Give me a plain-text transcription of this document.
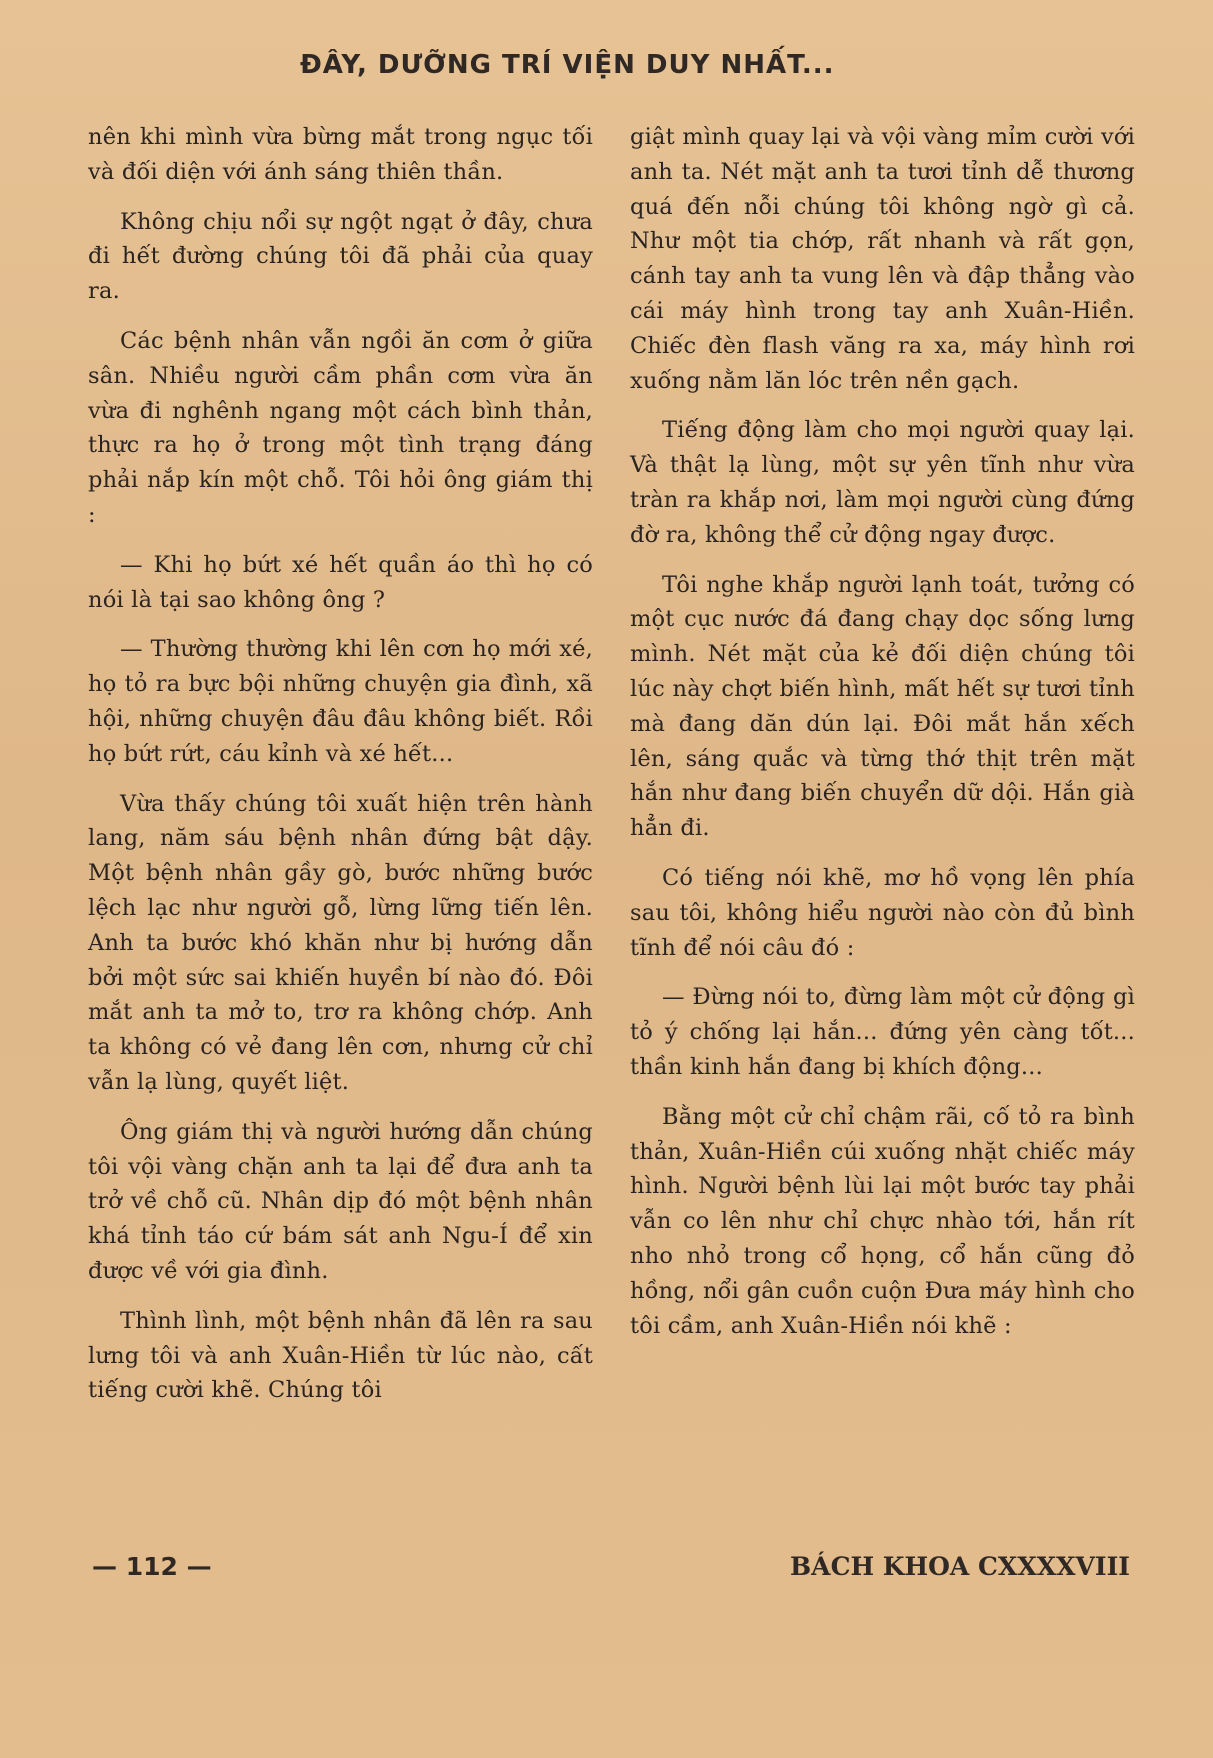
ĐÂY, DƯỠNG TRÍ VIỆN DUY NHẤT...

nên khi mình vừa bừng mắt trong ngục tối và đối diện với ánh sáng thiên thần.

Không chịu nổi sự ngột ngạt ở đây, chưa đi hết đường chúng tôi đã phải của quay ra.

Các bệnh nhân vẫn ngồi ăn cơm ở giữa sân. Nhiều người cầm phần cơm vừa ăn vừa đi nghênh ngang một cách bình thản, thực ra họ ở trong một tình trạng đáng phải nắp kín một chỗ. Tôi hỏi ông giám thị :

— Khi họ bứt xé hết quần áo thì họ có nói là tại sao không ông ?

— Thường thường khi lên cơn họ mới xé, họ tỏ ra bực bội những chuyện gia đình, xã hội, những chuyện đâu đâu không biết. Rồi họ bứt rứt, cáu kỉnh và xé hết...

Vừa thấy chúng tôi xuất hiện trên hành lang, năm sáu bệnh nhân đứng bật dậy. Một bệnh nhân gầy gò, bước những bước lệch lạc như người gỗ, lừng lững tiến lên. Anh ta bước khó khăn như bị hướng dẫn bởi một sức sai khiến huyền bí nào đó. Đôi mắt anh ta mở to, trơ ra không chớp. Anh ta không có vẻ đang lên cơn, nhưng cử chỉ vẫn lạ lùng, quyết liệt.

Ông giám thị và người hướng dẫn chúng tôi vội vàng chặn anh ta lại để đưa anh ta trở về chỗ cũ. Nhân dịp đó một bệnh nhân khá tỉnh táo cứ bám sát anh Ngu-Í để xin được về với gia đình.

Thình lình, một bệnh nhân đã lên ra sau lưng tôi và anh Xuân-Hiền từ lúc nào, cất tiếng cười khẽ. Chúng tôi

giật mình quay lại và vội vàng mỉm cười với anh ta. Nét mặt anh ta tươi tỉnh dễ thương quá đến nỗi chúng tôi không ngờ gì cả. Như một tia chớp, rất nhanh và rất gọn, cánh tay anh ta vung lên và đập thẳng vào cái máy hình trong tay anh Xuân-Hiền. Chiếc đèn flash văng ra xa, máy hình rơi xuống nằm lăn lóc trên nền gạch.

Tiếng động làm cho mọi người quay lại. Và thật lạ lùng, một sự yên tĩnh như vừa tràn ra khắp nơi, làm mọi người cùng đứng đờ ra, không thể cử động ngay được.

Tôi nghe khắp người lạnh toát, tưởng có một cục nước đá đang chạy dọc sống lưng mình. Nét mặt của kẻ đối diện chúng tôi lúc này chợt biến hình, mất hết sự tươi tỉnh mà đang dăn dún lại. Đôi mắt hắn xếch lên, sáng quắc và từng thớ thịt trên mặt hắn như đang biến chuyển dữ dội. Hắn già hẳn đi.

Có tiếng nói khẽ, mơ hồ vọng lên phía sau tôi, không hiểu người nào còn đủ bình tĩnh để nói câu đó :

— Đừng nói to, đừng làm một cử động gì tỏ ý chống lại hắn... đứng yên càng tốt... thần kinh hắn đang bị khích động...

Bằng một cử chỉ chậm rãi, cố tỏ ra bình thản, Xuân-Hiền cúi xuống nhặt chiếc máy hình. Người bệnh lùi lại một bước tay phải vẫn co lên như chỉ chực nhào tới, hắn rít nho nhỏ trong cổ họng, cổ hắn cũng đỏ hồng, nổi gân cuồn cuộn Đưa máy hình cho tôi cầm, anh Xuân-Hiền nói khẽ :

— 112 —	BÁCH KHOA CXXXXVIII
